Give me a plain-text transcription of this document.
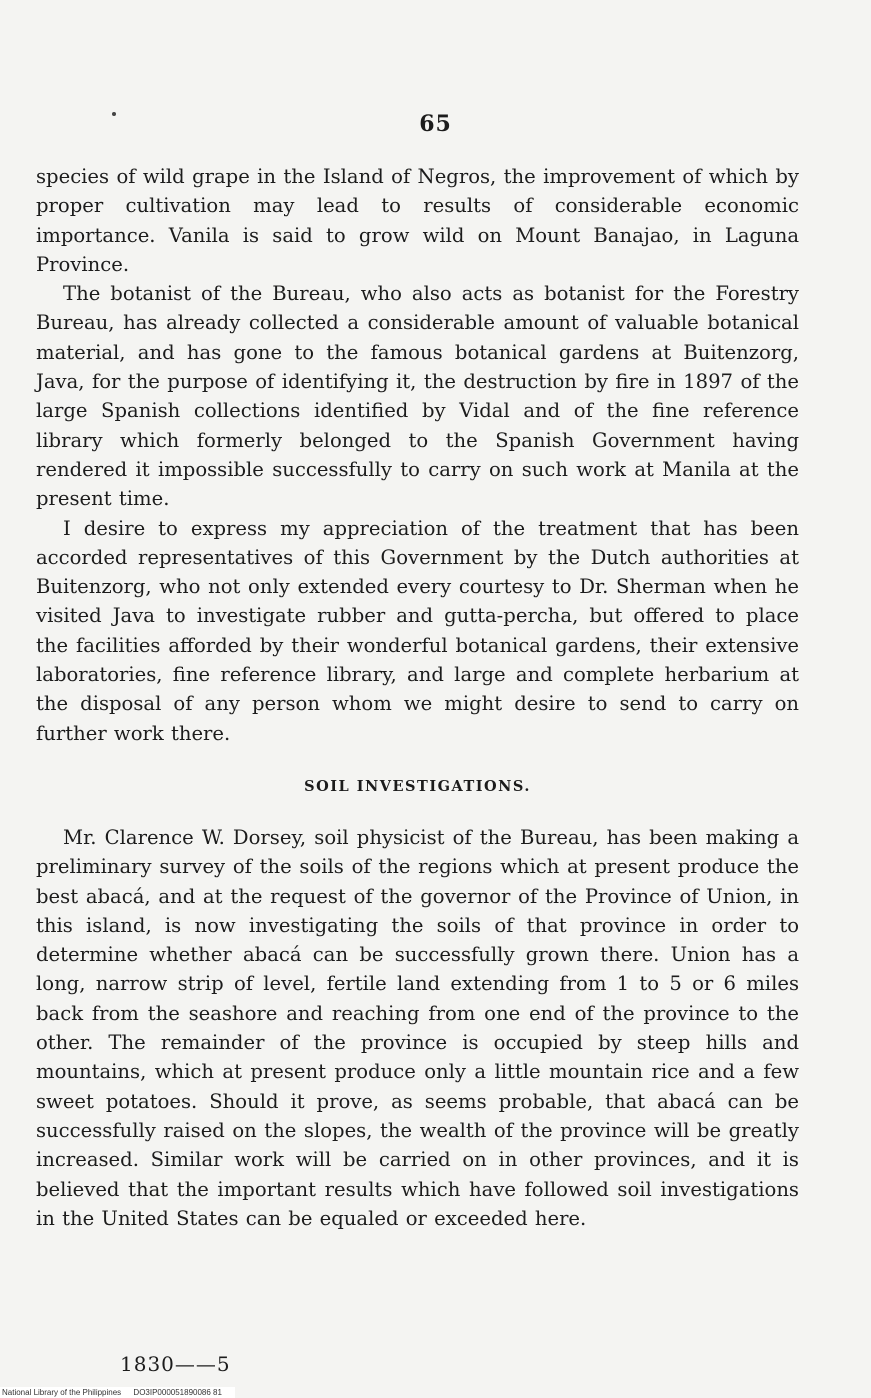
65

species of wild grape in the Island of Negros, the improvement of which by proper cultivation may lead to results of considerable economic importance. Vanila is said to grow wild on Mount Banajao, in Laguna Province.

The botanist of the Bureau, who also acts as botanist for the Forestry Bureau, has already collected a considerable amount of valuable botanical material, and has gone to the famous botanical gardens at Buitenzorg, Java, for the purpose of identifying it, the destruction by fire in 1897 of the large Spanish collections identified by Vidal and of the fine reference library which formerly belonged to the Spanish Government having rendered it impossible successfully to carry on such work at Manila at the present time.

I desire to express my appreciation of the treatment that has been accorded representatives of this Government by the Dutch authorities at Buitenzorg, who not only extended every courtesy to Dr. Sherman when he visited Java to investigate rubber and gutta-percha, but offered to place the facilities afforded by their wonderful botanical gardens, their extensive laboratories, fine reference library, and large and complete herbarium at the disposal of any person whom we might desire to send to carry on further work there.

SOIL INVESTIGATIONS.

Mr. Clarence W. Dorsey, soil physicist of the Bureau, has been making a preliminary survey of the soils of the regions which at present produce the best abacá, and at the request of the governor of the Province of Union, in this island, is now investigating the soils of that province in order to determine whether abacá can be successfully grown there. Union has a long, narrow strip of level, fertile land extending from 1 to 5 or 6 miles back from the seashore and reaching from one end of the province to the other. The remainder of the province is occupied by steep hills and mountains, which at present produce only a little mountain rice and a few sweet potatoes. Should it prove, as seems probable, that abacá can be successfully raised on the slopes, the wealth of the province will be greatly increased. Similar work will be carried on in other provinces, and it is believed that the important results which have followed soil investigations in the United States can be equaled or exceeded here.

1830——5
National Library of the Philippines DO3IP000051890086 81
